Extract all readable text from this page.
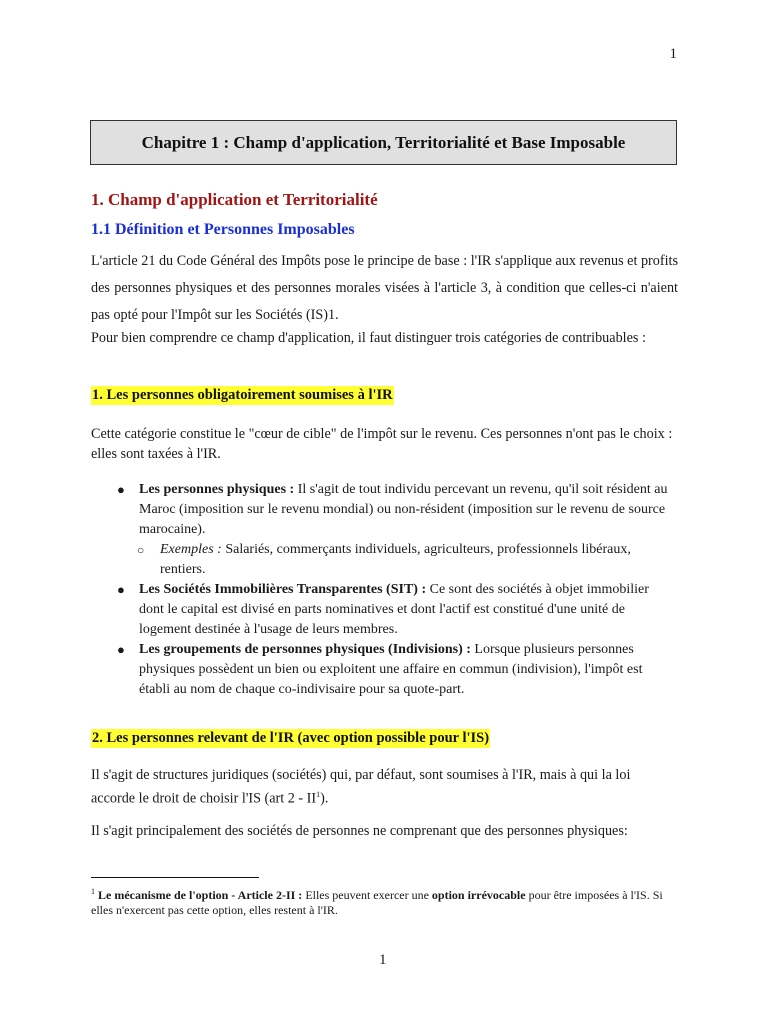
1
Chapitre 1 : Champ d'application, Territorialité et Base Imposable
1. Champ d'application et Territorialité
1.1 Définition et Personnes Imposables
L'article 21 du Code Général des Impôts pose le principe de base : l'IR s'applique aux revenus et profits des personnes physiques et des personnes morales visées à l'article 3, à condition que celles-ci n'aient pas opté pour l'Impôt sur les Sociétés (IS)1.
Pour bien comprendre ce champ d'application, il faut distinguer trois catégories de contribuables :
1. Les personnes obligatoirement soumises à l'IR
Cette catégorie constitue le "cœur de cible" de l'impôt sur le revenu. Ces personnes n'ont pas le choix : elles sont taxées à l'IR.
● Les personnes physiques : Il s'agit de tout individu percevant un revenu, qu'il soit résident au Maroc (imposition sur le revenu mondial) ou non-résident (imposition sur le revenu de source marocaine).
○ Exemples : Salariés, commerçants individuels, agriculteurs, professionnels libéraux, rentiers.
● Les Sociétés Immobilières Transparentes (SIT) : Ce sont des sociétés à objet immobilier dont le capital est divisé en parts nominatives et dont l'actif est constitué d'une unité de logement destinée à l'usage de leurs membres.
● Les groupements de personnes physiques (Indivisions) : Lorsque plusieurs personnes physiques possèdent un bien ou exploitent une affaire en commun (indivision), l'impôt est établi au nom de chaque co-indivisaire pour sa quote-part.
2. Les personnes relevant de l'IR (avec option possible pour l'IS)
Il s'agit de structures juridiques (sociétés) qui, par défaut, sont soumises à l'IR, mais à qui la loi accorde le droit de choisir l'IS (art $2 - II^1$).
Il s'agit principalement des sociétés de personnes ne comprenant que des personnes physiques:
$^1$ Le mécanisme de l'option - Article 2-II : Elles peuvent exercer une option irrévocable pour être imposées à l'IS. Si elles n'exercent pas cette option, elles restent à l'IR.
1
